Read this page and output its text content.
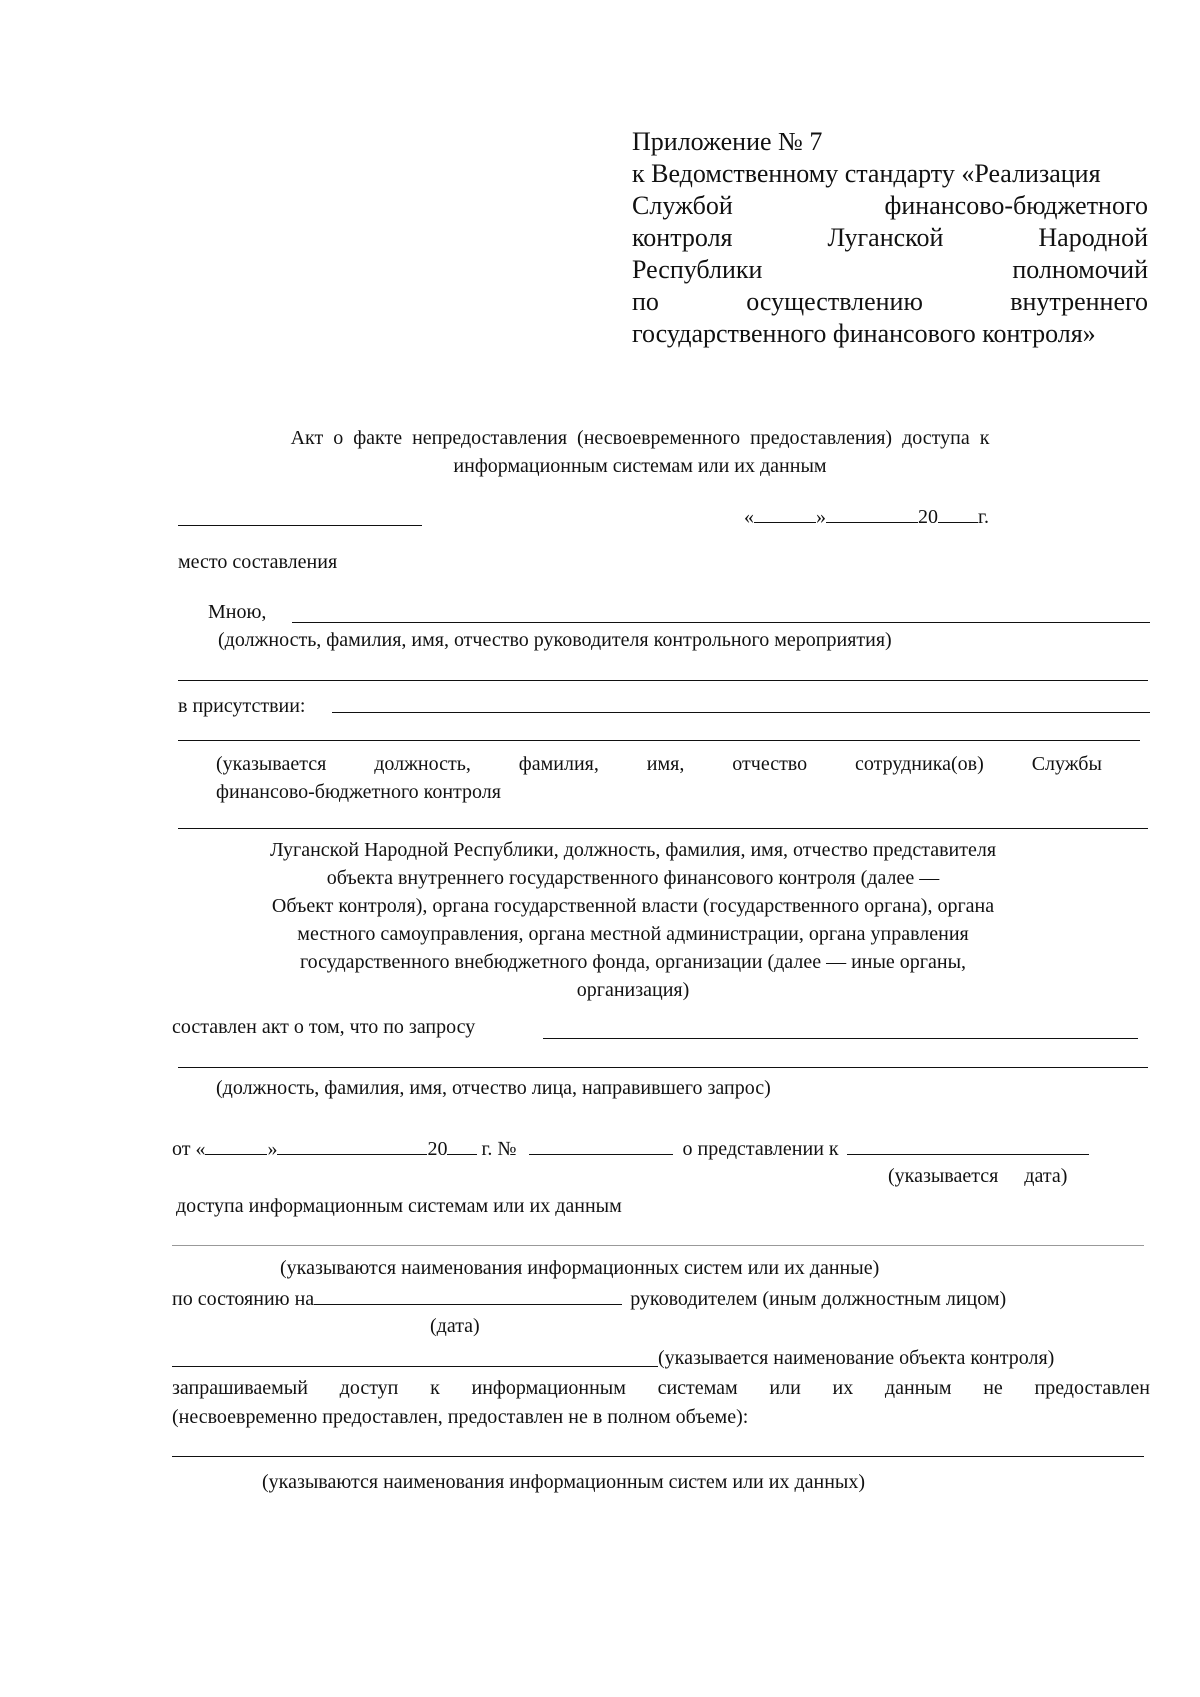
Приложение № 7
к Ведомственному стандарту «Реализация
Службой	финансово-бюджетного
контроля	Луганской	Народной
Республики	полномочий
по	осуществлению	внутреннего
государственного финансового контроля»
Акт о факте непредоставления (несвоевременного предоставления) доступа к
информационным системам или их данным
«	»	20 г.
место составления
Мною,
(должность, фамилия, имя, отчество руководителя контрольного мероприятия)
в присутствии:
(указывается должность, фамилия, имя, отчество сотрудника(ов) Службы
финансово-бюджетного контроля
Луганской Народной Республики, должность, фамилия, имя, отчество представителя
объекта внутреннего государственного финансового контроля (далее —
Объект контроля), органа государственной власти (государственного органа), органа
местного самоуправления, органа местной администрации, органа управления
государственного внебюджетного фонда, организации (далее — иные органы,
организация)
составлен акт о том, что по запросу
(должность, фамилия, имя, отчество лица, направившего запрос)
от «	»	20 г. №	о представлении к
(указывается дата)
доступа информационным системам или их данным
(указываются наименования информационных систем или их данные)
по состоянию на	руководителем (иным должностным лицом)
(дата)
(указывается наименование объекта контроля)
запрашиваемый доступ к информационным системам или их данным не предоставлен
(несвоевременно предоставлен, предоставлен не в полном объеме):
(указываются наименования информационным систем или их данных)
